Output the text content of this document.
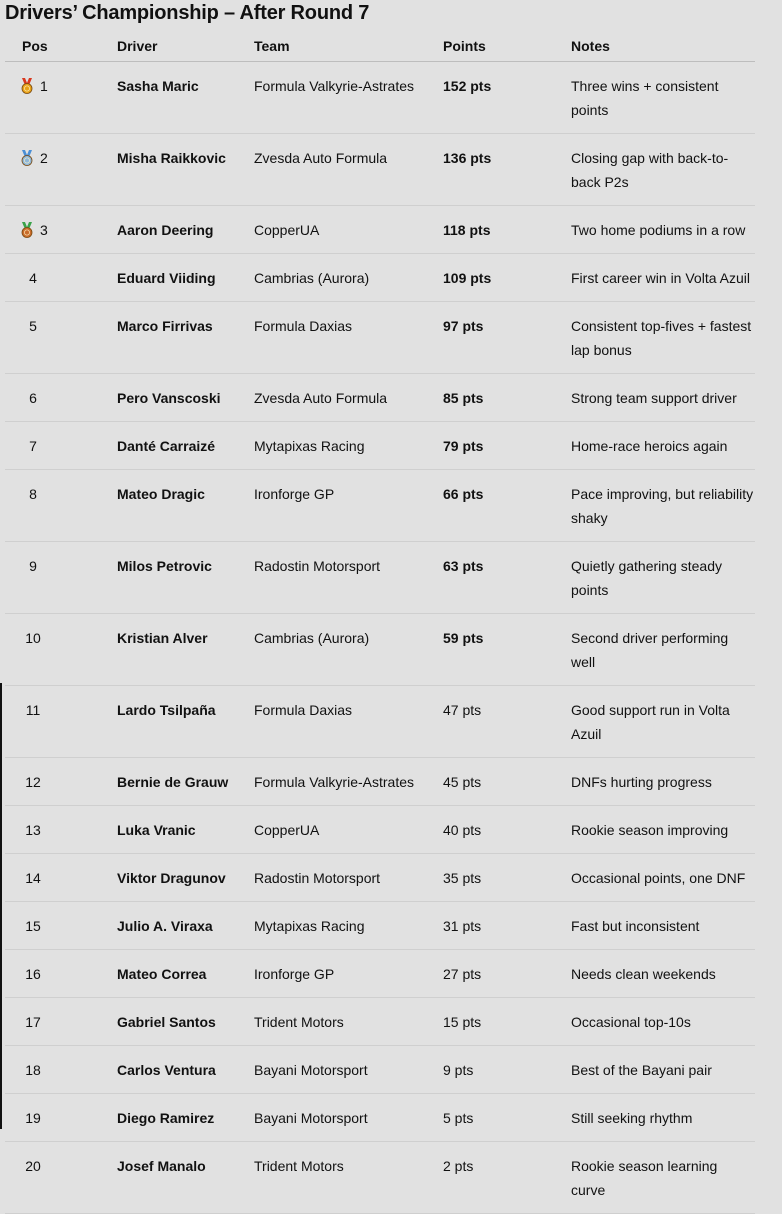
Drivers’ Championship – After Round 7
Pos	Driver	Team	Points	Notes
1	Sasha Maric	Formula Valkyrie-Astrates	152 pts	Three wins + consistent points
2	Misha Raikkovic	Zvesda Auto Formula	136 pts	Closing gap with back-to-back P2s
3	Aaron Deering	CopperUA	118 pts	Two home podiums in a row
4	Eduard Viiding	Cambrias (Aurora)	109 pts	First career win in Volta Azuil
5	Marco Firrivas	Formula Daxias	97 pts	Consistent top-fives + fastest lap bonus
6	Pero Vanscoski	Zvesda Auto Formula	85 pts	Strong team support driver
7	Danté Carraizé	Mytapixas Racing	79 pts	Home-race heroics again
8	Mateo Dragic	Ironforge GP	66 pts	Pace improving, but reliability shaky
9	Milos Petrovic	Radostin Motorsport	63 pts	Quietly gathering steady points
10	Kristian Alver	Cambrias (Aurora)	59 pts	Second driver performing well
11	Lardo Tsilpaña	Formula Daxias	47 pts	Good support run in Volta Azuil
12	Bernie de Grauw	Formula Valkyrie-Astrates	45 pts	DNFs hurting progress
13	Luka Vranic	CopperUA	40 pts	Rookie season improving
14	Viktor Dragunov	Radostin Motorsport	35 pts	Occasional points, one DNF
15	Julio A. Viraxa	Mytapixas Racing	31 pts	Fast but inconsistent
16	Mateo Correa	Ironforge GP	27 pts	Needs clean weekends
17	Gabriel Santos	Trident Motors	15 pts	Occasional top-10s
18	Carlos Ventura	Bayani Motorsport	9 pts	Best of the Bayani pair
19	Diego Ramirez	Bayani Motorsport	5 pts	Still seeking rhythm
20	Josef Manalo	Trident Motors	2 pts	Rookie season learning curve
